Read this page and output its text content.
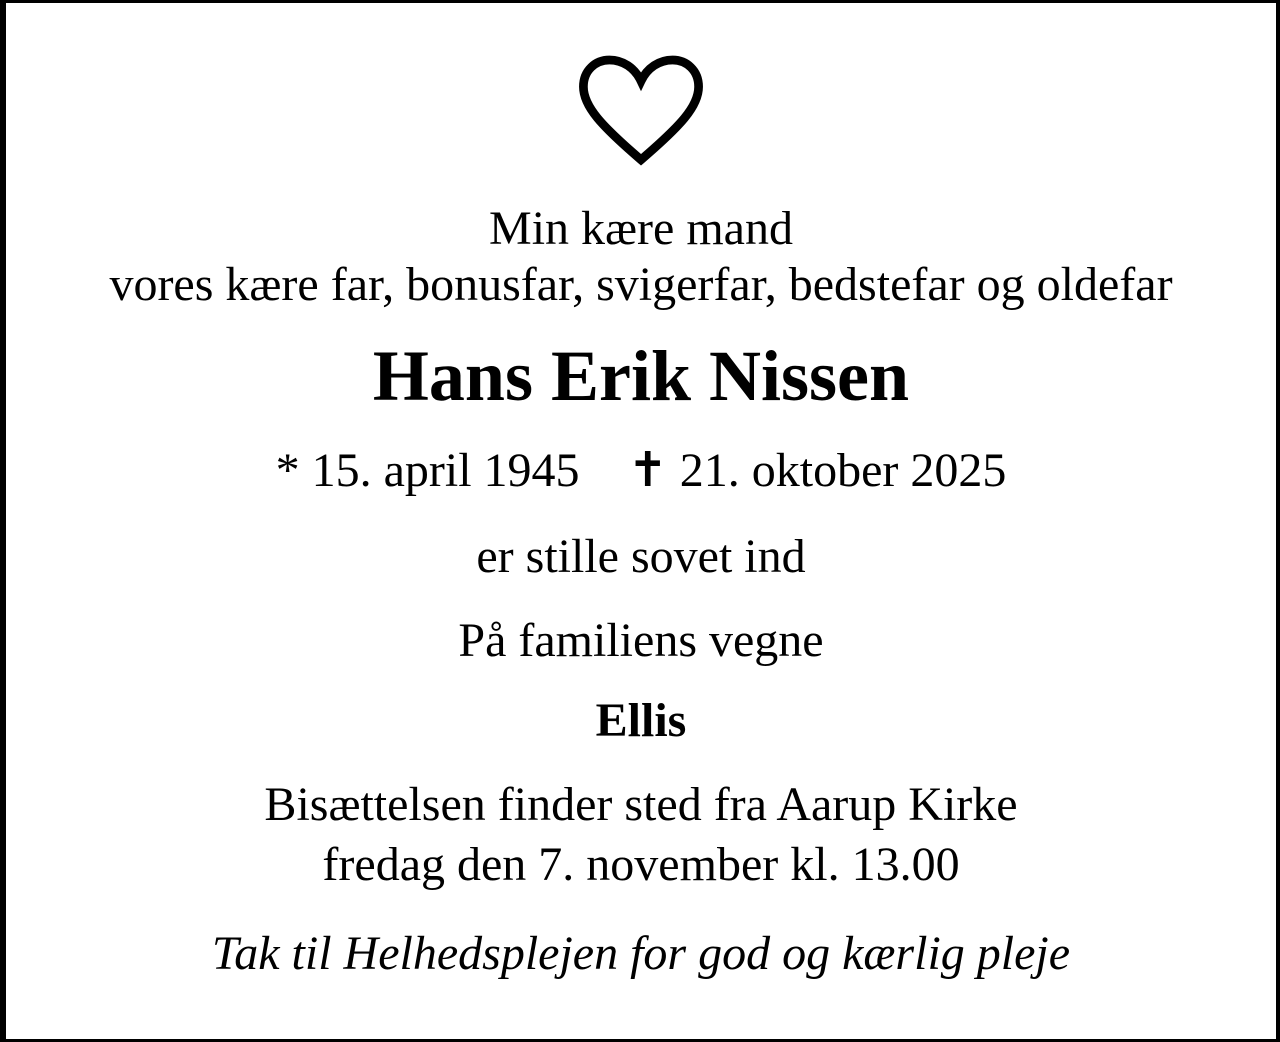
Min kære mand
vores kære far, bonusfar, svigerfar, bedstefar og oldefar
Hans Erik Nissen
* 15. april 1945 ✝ 21. oktober 2025
er stille sovet ind
På familiens vegne
Ellis
Bisættelsen finder sted fra Aarup Kirke
fredag den 7. november kl. 13.00
Tak til Helhedsplejen for god og kærlig pleje
